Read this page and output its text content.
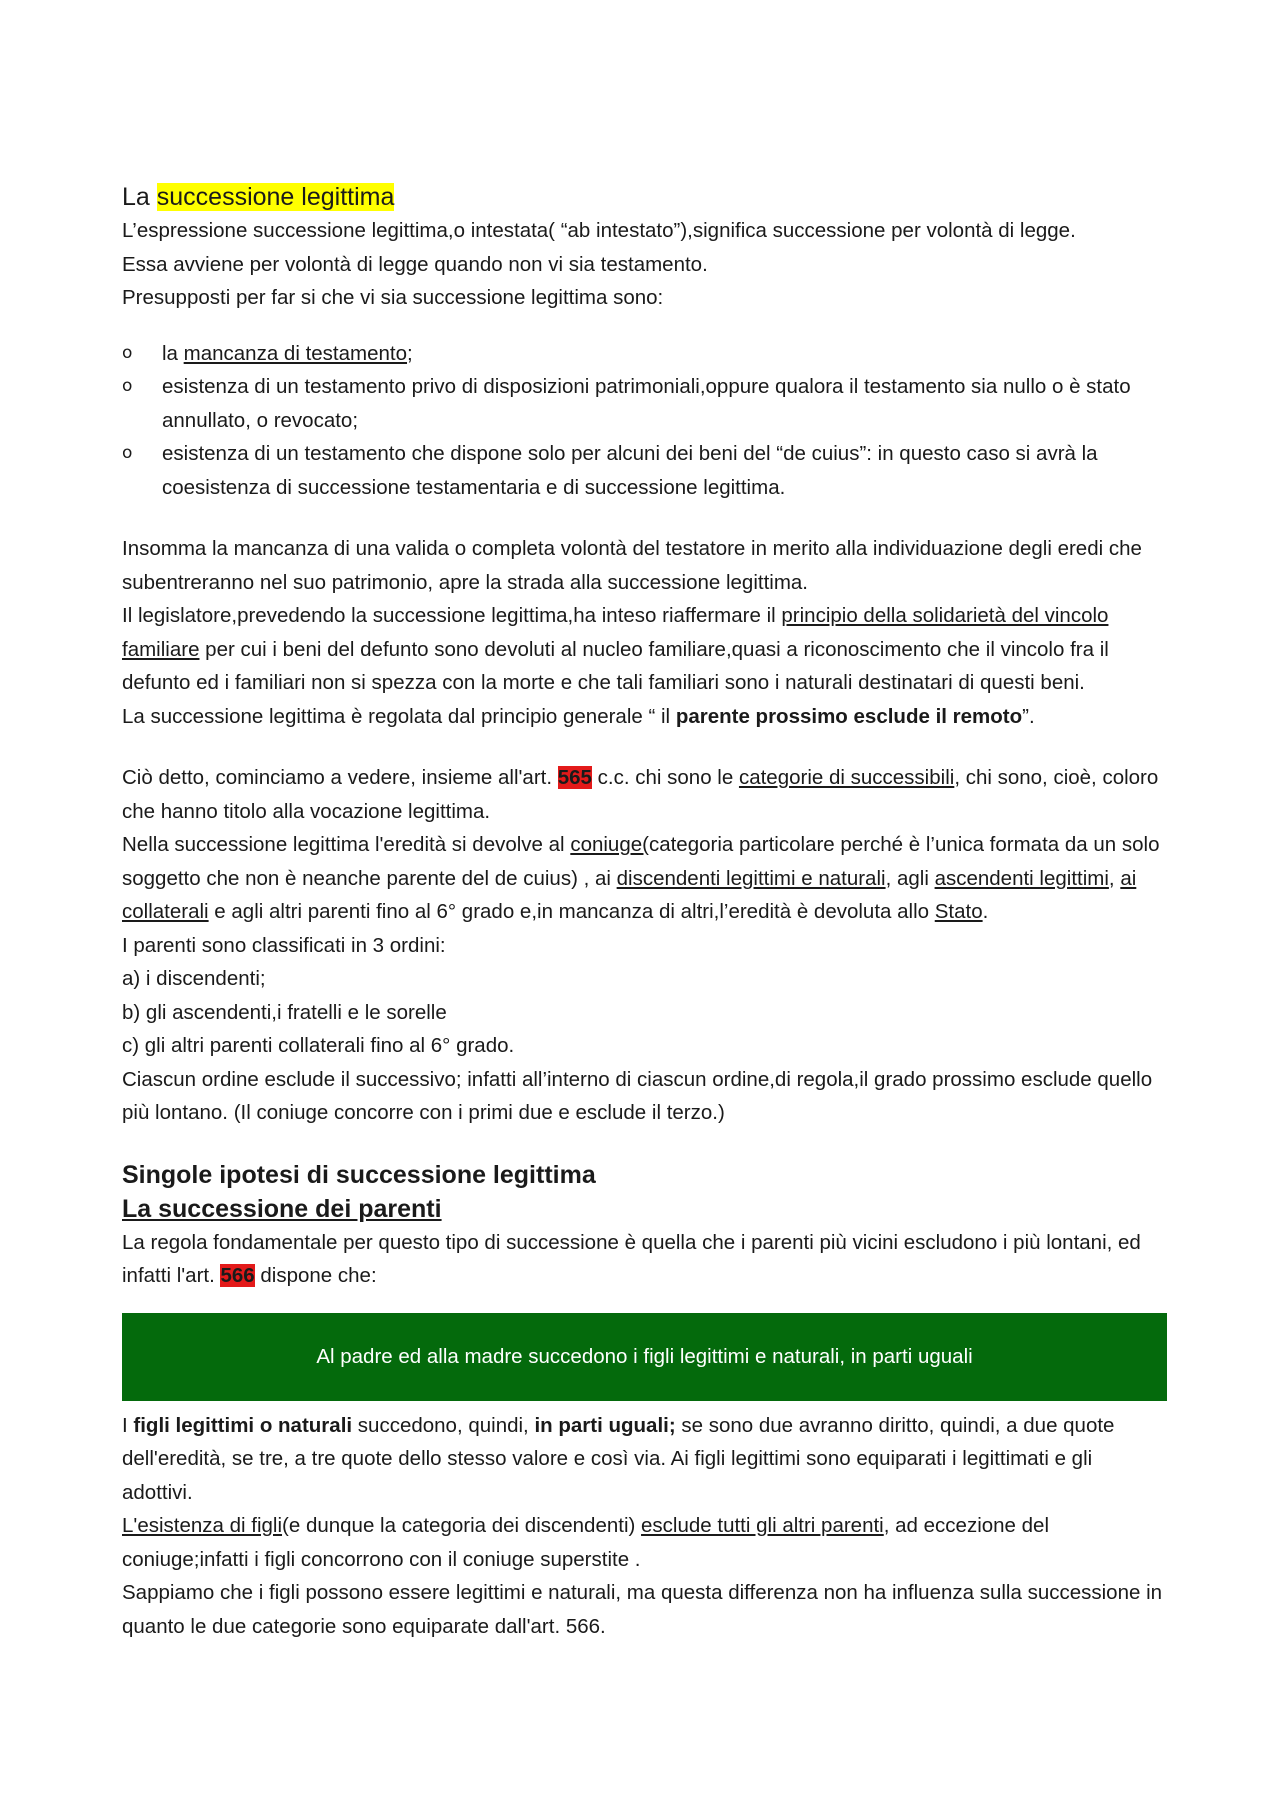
La successione legittima

L’espressione successione legittima,o intestata( “ab intestato”),significa successione per volontà di legge.

Essa avviene per volontà di legge quando non vi sia testamento.

Presupposti per far si che vi sia successione legittima sono:

o la mancanza di testamento;
o esistenza di un testamento privo di disposizioni patrimoniali,oppure qualora il testamento sia nullo o è stato annullato, o revocato;
o esistenza di un testamento che dispone solo per alcuni dei beni del “de cuius”: in questo caso si avrà la coesistenza di successione testamentaria e di successione legittima.

Insomma la mancanza di una valida o completa volontà del testatore in merito alla individuazione degli eredi che subentreranno nel suo patrimonio, apre la strada alla successione legittima.

Il legislatore,prevedendo la successione legittima,ha inteso riaffermare il principio della solidarietà del vincolo familiare per cui i beni del defunto sono devoluti al nucleo familiare,quasi a riconoscimento che il vincolo fra il defunto ed i familiari non si spezza con la morte e che tali familiari sono i naturali destinatari di questi beni.

La successione legittima è regolata dal principio generale “ il parente prossimo esclude il remoto”.

Ciò detto, cominciamo a vedere, insieme all'art. 565 c.c. chi sono le categorie di successibili, chi sono, cioè, coloro che hanno titolo alla vocazione legittima.

Nella successione legittima l'eredità si devolve al coniuge(categoria particolare perché è l’unica formata da un solo soggetto che non è neanche parente del de cuius) , ai discendenti legittimi e naturali, agli ascendenti legittimi, ai collaterali e agli altri parenti fino al 6° grado e,in mancanza di altri,l’eredità è devoluta allo Stato.

I parenti sono classificati in 3 ordini:

a) i discendenti;

b) gli ascendenti,i fratelli e le sorelle

c) gli altri parenti collaterali fino al 6° grado.

Ciascun ordine esclude il successivo; infatti all’interno di ciascun ordine,di regola,il grado prossimo esclude quello più lontano. (Il coniuge concorre con i primi due e esclude il terzo.)

Singole ipotesi di successione legittima
La successione dei parenti

La regola fondamentale per questo tipo di successione è quella che i parenti più vicini escludono i più lontani, ed infatti l'art. 566 dispone che:

Al padre ed alla madre succedono i figli legittimi e naturali, in parti uguali

I figli legittimi o naturali succedono, quindi, in parti uguali; se sono due avranno diritto, quindi, a due quote dell'eredità, se tre, a tre quote dello stesso valore e così via. Ai figli legittimi sono equiparati i legittimati e gli adottivi.

L'esistenza di figli(e dunque la categoria dei discendenti) esclude tutti gli altri parenti, ad eccezione del coniuge;infatti i figli concorrono con il coniuge superstite .

Sappiamo che i figli possono essere legittimi e naturali, ma questa differenza non ha influenza sulla successione in quanto le due categorie sono equiparate dall'art. 566.
